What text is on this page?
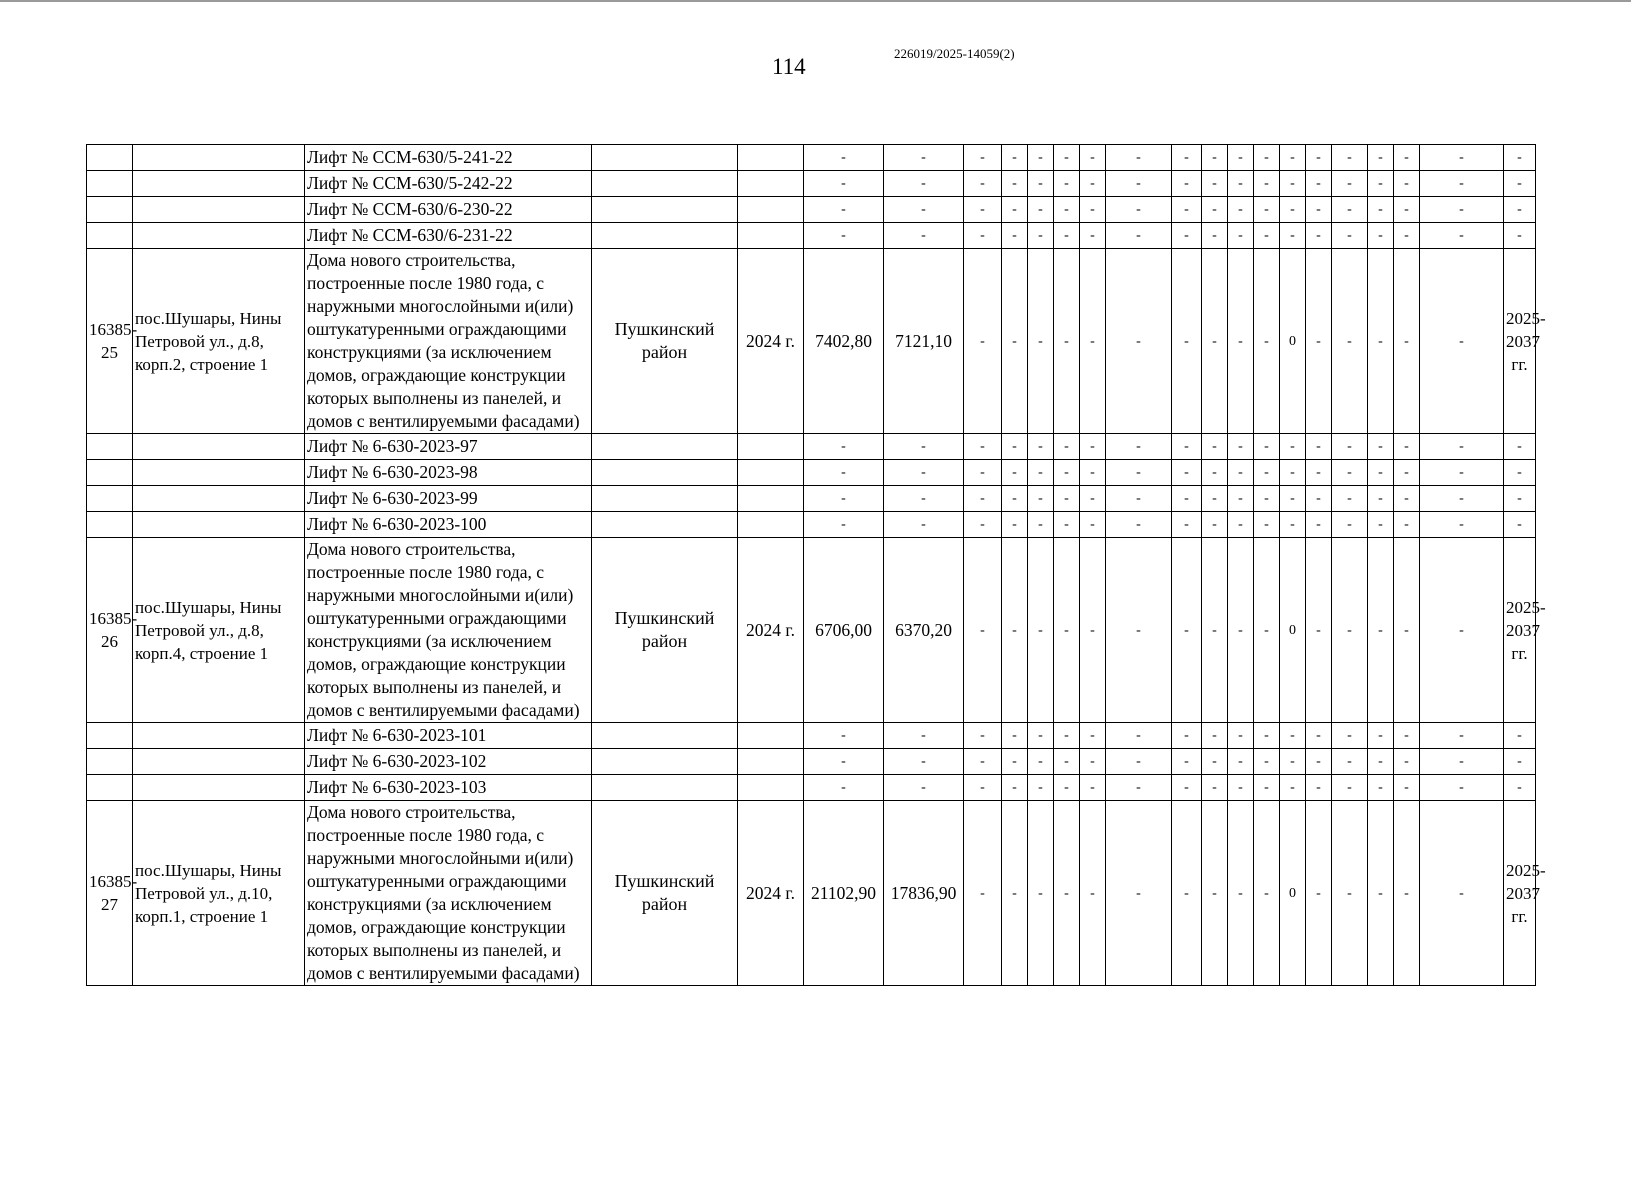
114
226019/2025-14059(2)
		Лифт № ССМ-630/5-241-22			-	-	-	-	-	-	-	-	-	-	-	-	-	-	-	-	-	-	-
		Лифт № ССМ-630/5-242-22			-	-	-	-	-	-	-	-	-	-	-	-	-	-	-	-	-	-	-
		Лифт № ССМ-630/6-230-22			-	-	-	-	-	-	-	-	-	-	-	-	-	-	-	-	-	-	-
		Лифт № ССМ-630/6-231-22			-	-	-	-	-	-	-	-	-	-	-	-	-	-	-	-	-	-	-
16385-25	пос.Шушары, Нины Петровой ул., д.8, корп.2, строение 1	Дома нового строительства, построенные после 1980 года, с наружными многослойными и(или) оштукатуренными ограждающими конструкциями (за исключением домов, ограждающие конструкции которых выполнены из панелей, и домов с вентилируемыми фасадами)	Пушкинский район	2024 г.	7402,80	7121,10	-	-	-	-	-	-	-	-	-	-	0	-	-	-	-	-	2025-2037 гг.
		Лифт № 6-630-2023-97			-	-	-	-	-	-	-	-	-	-	-	-	-	-	-	-	-	-	-
		Лифт № 6-630-2023-98			-	-	-	-	-	-	-	-	-	-	-	-	-	-	-	-	-	-	-
		Лифт № 6-630-2023-99			-	-	-	-	-	-	-	-	-	-	-	-	-	-	-	-	-	-	-
		Лифт № 6-630-2023-100			-	-	-	-	-	-	-	-	-	-	-	-	-	-	-	-	-	-	-
16385-26	пос.Шушары, Нины Петровой ул., д.8, корп.4, строение 1	Дома нового строительства, построенные после 1980 года, с наружными многослойными и(или) оштукатуренными ограждающими конструкциями (за исключением домов, ограждающие конструкции которых выполнены из панелей, и домов с вентилируемыми фасадами)	Пушкинский район	2024 г.	6706,00	6370,20	-	-	-	-	-	-	-	-	-	-	0	-	-	-	-	-	2025-2037 гг.
		Лифт № 6-630-2023-101			-	-	-	-	-	-	-	-	-	-	-	-	-	-	-	-	-	-	-
		Лифт № 6-630-2023-102			-	-	-	-	-	-	-	-	-	-	-	-	-	-	-	-	-	-	-
		Лифт № 6-630-2023-103			-	-	-	-	-	-	-	-	-	-	-	-	-	-	-	-	-	-	-
16385-27	пос.Шушары, Нины Петровой ул., д.10, корп.1, строение 1	Дома нового строительства, построенные после 1980 года, с наружными многослойными и(или) оштукатуренными ограждающими конструкциями (за исключением домов, ограждающие конструкции которых выполнены из панелей, и домов с вентилируемыми фасадами)	Пушкинский район	2024 г.	21102,90	17836,90	-	-	-	-	-	-	-	-	-	-	0	-	-	-	-	-	2025-2037 гг.
